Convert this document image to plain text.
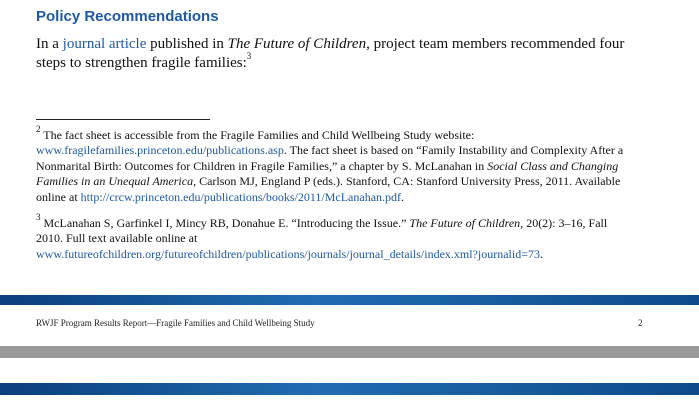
Policy Recommendations

In a journal article published in The Future of Children, project team members recommended four steps to strengthen fragile families:$^3$

$^2$ The fact sheet is accessible from the Fragile Families and Child Wellbeing Study website: www.fragilefamilies.princeton.edu/publications.asp. The fact sheet is based on “Family Instability and Complexity After a Nonmarital Birth: Outcomes for Children in Fragile Families,” a chapter by S. McLanahan in Social Class and Changing Families in an Unequal America, Carlson MJ, England P (eds.). Stanford, CA: Stanford University Press, 2011. Available online at http://crcw.princeton.edu/publications/books/2011/McLanahan.pdf.

$^3$ McLanahan S, Garfinkel I, Mincy RB, Donahue E. “Introducing the Issue.” The Future of Children, 20(2): 3–16, Fall 2010. Full text available online at www.futureofchildren.org/futureofchildren/publications/journals/journal_details/index.xml?journalid=73.

RWJF Program Results Report—Fragile Families and Child Wellbeing Study	2
